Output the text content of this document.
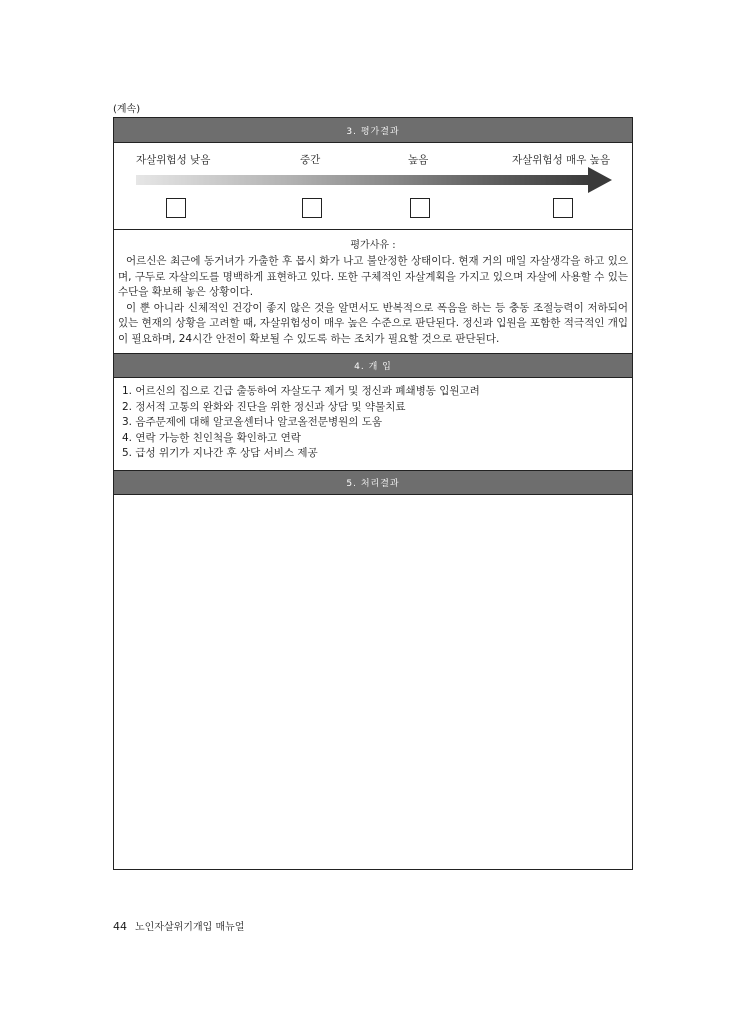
(계속)
3. 평가결과
자살위험성 낮음	중간	높음	자살위험성 매우 높음
평가사유 :

어르신은 최근에 동거녀가 가출한 후 몹시 화가 나고 불안정한 상태이다. 현재 거의 매일 자살생각을 하고 있으며, 구두로 자살의도를 명백하게 표현하고 있다. 또한 구체적인 자살계획을 가지고 있으며 자살에 사용할 수 있는 수단을 확보해 놓은 상황이다.

이 뿐 아니라 신체적인 건강이 좋지 않은 것을 알면서도 반복적으로 폭음을 하는 등 충동 조절능력이 저하되어 있는 현재의 상황을 고려할 때, 자살위험성이 매우 높은 수준으로 판단된다. 정신과 입원을 포함한 적극적인 개입이 필요하며, 24시간 안전이 확보될 수 있도록 하는 조치가 필요할 것으로 판단된다.

4. 개 입
1. 어르신의 집으로 긴급 출동하여 자살도구 제거 및 정신과 폐쇄병동 입원고려
2. 정서적 고통의 완화와 진단을 위한 정신과 상담 및 약물치료
3. 음주문제에 대해 알코올센터나 알코올전문병원의 도움
4. 연락 가능한 친인척을 확인하고 연락
5. 급성 위기가 지나간 후 상담 서비스 제공
5. 처리결과
44 노인자살위기개입 매뉴얼
